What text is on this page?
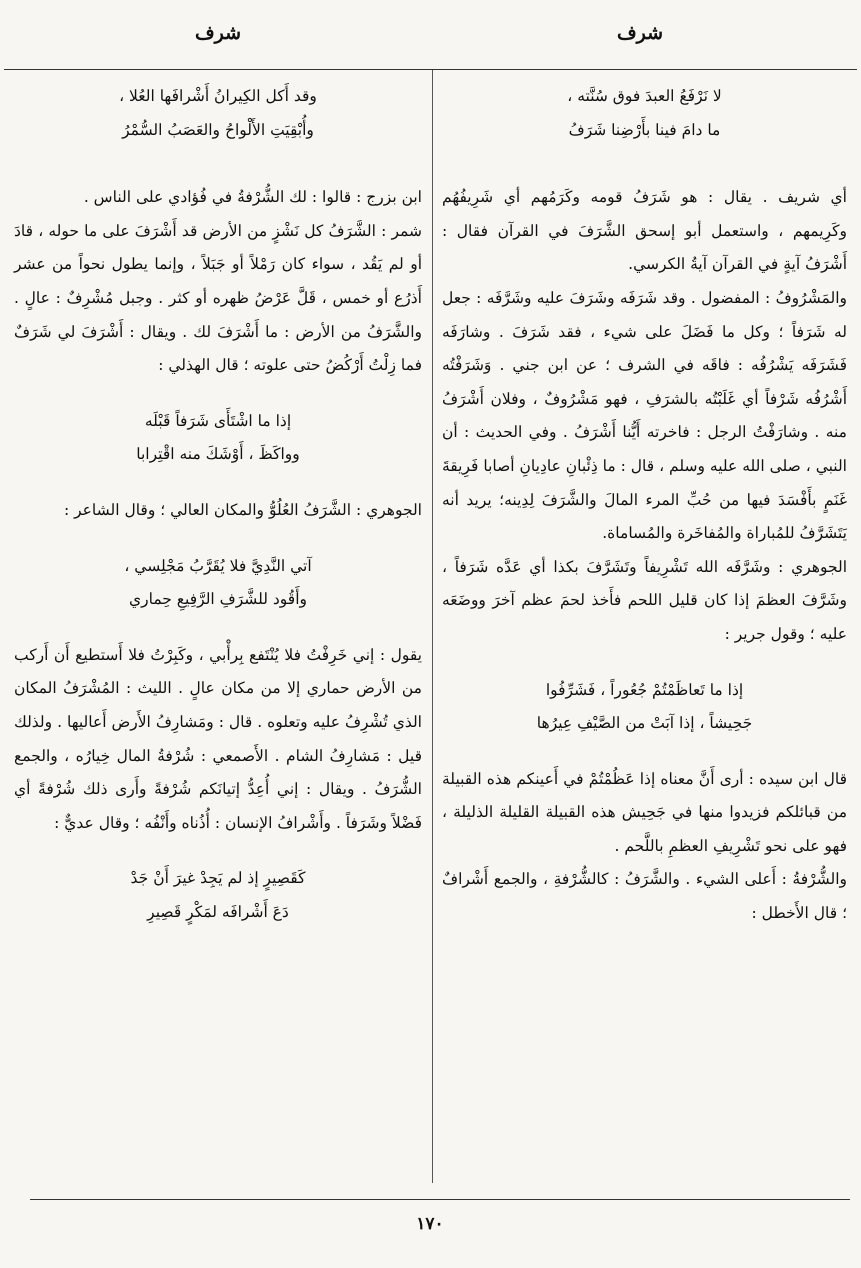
شرف
شرف

لا نَرْفَعُ العبدَ فوق سُنَّته ،

ما دامَ فينا بأَرْضِنا شَرَفُ

أي شريف . يقال : هو شَرَفُ قومه وكَرَمُهم أي شَرِيفُهُم وكَرِيمهم ، واستعمل أبو إسحق الشَّرَفَ في القرآن فقال : أَشْرَفُ آيةٍ في القرآن آيةُ الكرسي.

والمَشْرُوفُ : المفضول . وقد شَرَفَه وشَرَفَ عليه وشَرَّفَه : جعل له شَرَفاً ؛ وكل ما فَضَلَ على شيء ، فقد شَرَفَ . وشارَفَه فَشَرَفَه يَشْرُفُه : فاقَه في الشرف ؛ عن ابن جني . وَشَرَفْتُه أَشْرُفُه شَرْفاً أي غَلَبْتُه بالشرَفِ ، فهو مَشْرُوفٌ ، وفلان أَشْرَفُ منه . وشارَفْتُ الرجل : فاخرته أَيُّنا أَشْرَفُ . وفي الحديث : أن النبي ، صلى الله عليه وسلم ، قال : ما ذِئْبانِ عادِيانِ أصابا فَرِيقةَ غَنَمٍ بأَفْسَدَ فيها من حُبِّ المرء المالَ والشَّرَفَ لِدِينه؛ يريد أنه يَتَشَرَّفُ للمُباراة والمُفاخَرة والمُساماة.

الجوهري : وشَرَّفَه الله تَشْرِيفاً وتَشَرَّفَ بكذا أي عَدَّه شَرَفاً ، وشَرَّفَ العظمَ إذا كان قليل اللحم فأَخذ لحمَ عظم آخرَ ووضَعَه عليه ؛ وقول جرير :

إذا ما تَعاظَمْتُمْ جُعُوراً ، فَشَرِّفُوا

جَحِيشاً ، إذا آبَتْ من الصَّيْفِ عِيرُها

قال ابن سيده : أرى أَنَّ معناه إذا عَظُمْتُمْ في أَعينكم هذه القبيلة من قبائلكم فزيدوا منها في جَحِيش هذه القبيلة القليلة الذليلة ، فهو على نحو تَشْرِيفِ العظمِ باللَّحم .

والشُّرْفةُ : أَعلى الشيء . والشَّرَفُ : كالشُّرْفةِ ، والجمع أَشْرافٌ ؛ قال الأَخطل :

وقد أَكل الكِيرانُ أَشْرافَها العُلا ،

وأُبْقِيَتِ الأَلْواحُ والعَصَبُ السُّمْرُ

ابن بزرج : قالوا : لك الشُّرْفةُ في فُؤادي على الناس .

شمر : الشَّرَفُ كل نَشْزٍ من الأرض قد أَشْرَفَ على ما حوله ، قادَ أو لم يَقُد ، سواء كان رَمْلاً أو جَبَلاً ، وإنما يطول نحواً من عشر أَذرُع أو خمس ، قَلَّ عَرْضُ ظهره أو كثر . وجبل مُشْرِفٌ : عالٍ . والشَّرَفُ من الأرض : ما أَشْرَفَ لك . ويقال : أَشْرَفَ لي شَرَفٌ فما زِلْتُ أَرْكُضُ حتى علوته ؛ قال الهذلي :

إذا ما اشْتَأَى شَرَفاً قَبْلَه

وواكَظَ ، أَوْشَكَ منه اقْتِرابا

الجوهري : الشَّرَفُ العُلُوُّ والمكان العالي ؛ وقال الشاعر :

آتي النَّدِيَّ فلا يُقَرَّبُ مَجْلِسي ،

وأَقُود للشَّرَفِ الرَّفِيعِ حِماري

يقول : إني خَرِفْتُ فلا يُنْتَفع بِرأْبي ، وكَبِرْتُ فلا أَستطيع أَن أَركب من الأرض حماري إلا من مكان عالٍ . الليث : المُشْرَفُ المكان الذي تُشْرِفُ عليه وتعلوه . قال : ومَشارِفُ الأَرض أَعاليها . ولذلك قيل : مَشارِفُ الشام . الأَصمعي : شُرْفةُ المال خِيارُه ، والجمع الشُّرَفُ . ويقال : إني أُعِدُّ إتيانَكم شُرْفةً وأَرى ذلك شُرْفةً أي فَضْلاً وشَرَفاً . وأَشْرافُ الإنسان : أُذُناه وأَنْفُه ؛ وقال عديٌّ :

كَقَصِيرٍ إذ لم يَجِدْ غيرَ أَنْ جَدْ

دَعَ أَشْرافَه لمَكْرٍ قَصِيرِ

١٧٠
